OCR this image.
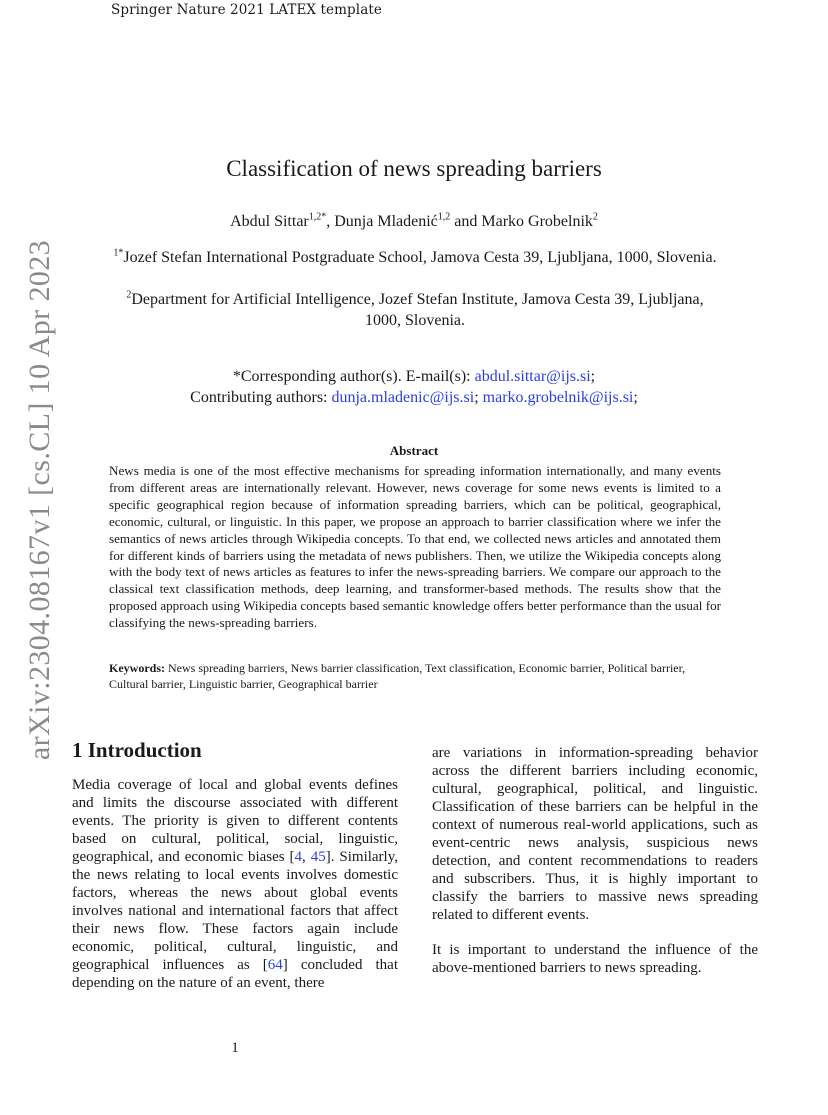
Springer Nature 2021 LATEX template
arXiv:2304.08167v1 [cs.CL] 10 Apr 2023
Classification of news spreading barriers
Abdul Sittar$^{1,2*}$, Dunja Mladenić$^{1,2}$ and Marko Grobelnik$^2$
$^{1*}$Jozef Stefan International Postgraduate School, Jamova Cesta 39, Ljubljana, 1000, Slovenia.
$^2$Department for Artificial Intelligence, Jozef Stefan Institute, Jamova Cesta 39, Ljubljana, 1000, Slovenia.
*Corresponding author(s). E-mail(s): abdul.sittar@ijs.si;
Contributing authors: dunja.mladenic@ijs.si; marko.grobelnik@ijs.si;
Abstract
News media is one of the most effective mechanisms for spreading information internationally, and many events from different areas are internationally relevant. However, news coverage for some news events is limited to a specific geographical region because of information spreading barriers, which can be political, geographical, economic, cultural, or linguistic. In this paper, we propose an approach to barrier classification where we infer the semantics of news articles through Wikipedia concepts. To that end, we collected news articles and annotated them for different kinds of barriers using the metadata of news publishers. Then, we utilize the Wikipedia concepts along with the body text of news articles as features to infer the news-spreading barriers. We compare our approach to the classical text classification methods, deep learning, and transformer-based methods. The results show that the proposed approach using Wikipedia concepts based semantic knowledge offers better performance than the usual for classifying the news-spreading barriers.
Keywords: News spreading barriers, News barrier classification, Text classification, Economic barrier, Political barrier, Cultural barrier, Linguistic barrier, Geographical barrier
1 Introduction
Media coverage of local and global events defines and limits the discourse associated with different events. The priority is given to different contents based on cultural, political, social, linguistic, geographical, and economic biases [4, 45]. Similarly, the news relating to local events involves domestic factors, whereas the news about global events involves national and international factors that affect their news flow. These factors again include economic, political, cultural, linguistic, and geographical influences as [64] concluded that depending on the nature of an event, there
are variations in information-spreading behavior across the different barriers including economic, cultural, geographical, political, and linguistic. Classification of these barriers can be helpful in the context of numerous real-world applications, such as event-centric news analysis, suspicious news detection, and content recommendations to readers and subscribers. Thus, it is highly important to classify the barriers to massive news spreading related to different events.
It is important to understand the influence of the above-mentioned barriers to news spreading.
1
